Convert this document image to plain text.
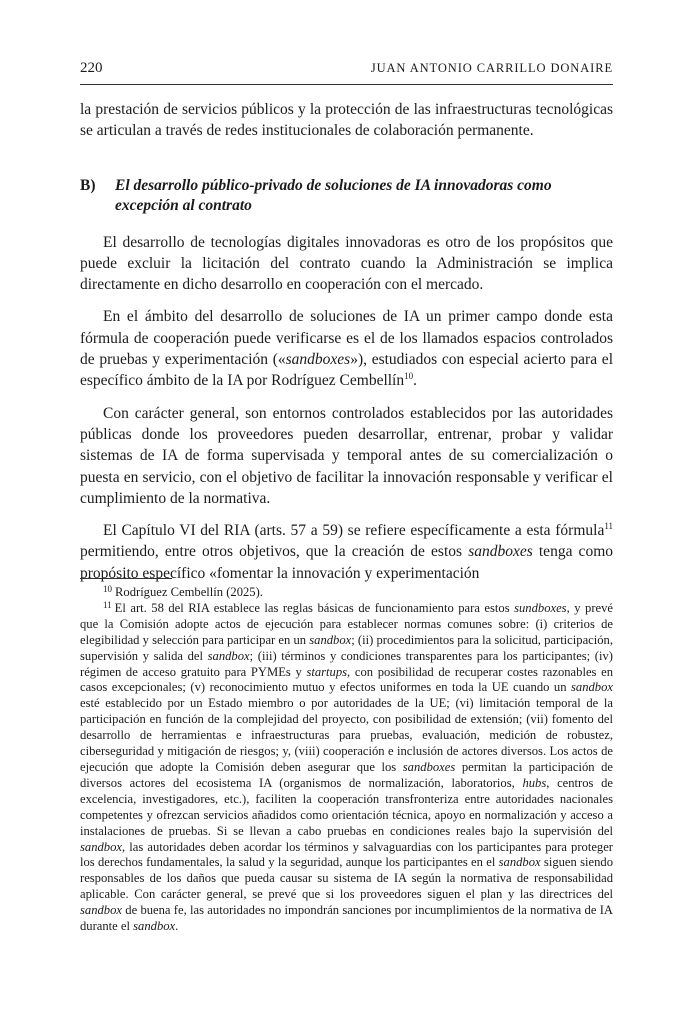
220	JUAN ANTONIO CARRILLO DONAIRE

la prestación de servicios públicos y la protección de las infraestructuras tecnológicas se articulan a través de redes institucionales de colaboración permanente.

B)	El desarrollo público-privado de soluciones de IA innovadoras como excepción al contrato

El desarrollo de tecnologías digitales innovadoras es otro de los propósitos que puede excluir la licitación del contrato cuando la Administración se implica directamente en dicho desarrollo en cooperación con el mercado.

En el ámbito del desarrollo de soluciones de IA un primer campo donde esta fórmula de cooperación puede verificarse es el de los llamados espacios controlados de pruebas y experimentación («sandboxes»), estudiados con especial acierto para el específico ámbito de la IA por Rodríguez Cembellín$^{10}$.

Con carácter general, son entornos controlados establecidos por las autoridades públicas donde los proveedores pueden desarrollar, entrenar, probar y validar sistemas de IA de forma supervisada y temporal antes de su comercialización o puesta en servicio, con el objetivo de facilitar la innovación responsable y verificar el cumplimiento de la normativa.

El Capítulo VI del RIA (arts. 57 a 59) se refiere específicamente a esta fórmula$^{11}$ permitiendo, entre otros objetivos, que la creación de estos sandboxes tenga como propósito específico «fomentar la innovación y experimentación

$^{10}$ Rodríguez Cembellín (2025).

$^{11}$ El art. 58 del RIA establece las reglas básicas de funcionamiento para estos sundboxes, y prevé que la Comisión adopte actos de ejecución para establecer normas comunes sobre: (i) criterios de elegibilidad y selección para participar en un sandbox; (ii) procedimientos para la solicitud, participación, supervisión y salida del sandbox; (iii) términos y condiciones transparentes para los participantes; (iv) régimen de acceso gratuito para PYMEs y startups, con posibilidad de recuperar costes razonables en casos excepcionales; (v) reconocimiento mutuo y efectos uniformes en toda la UE cuando un sandbox esté establecido por un Estado miembro o por autoridades de la UE; (vi) limitación temporal de la participación en función de la complejidad del proyecto, con posibilidad de extensión; (vii) fomento del desarrollo de herramientas e infraestructuras para pruebas, evaluación, medición de robustez, ciberseguridad y mitigación de riesgos; y, (viii) cooperación e inclusión de actores diversos. Los actos de ejecución que adopte la Comisión deben asegurar que los sandboxes permitan la participación de diversos actores del ecosistema IA (organismos de normalización, laboratorios, hubs, centros de excelencia, investigadores, etc.), faciliten la cooperación transfronteriza entre autoridades nacionales competentes y ofrezcan servicios añadidos como orientación técnica, apoyo en normalización y acceso a instalaciones de pruebas. Si se llevan a cabo pruebas en condiciones reales bajo la supervisión del sandbox, las autoridades deben acordar los términos y salvaguardias con los participantes para proteger los derechos fundamentales, la salud y la seguridad, aunque los participantes en el sandbox siguen siendo responsables de los daños que pueda causar su sistema de IA según la normativa de responsabilidad aplicable. Con carácter general, se prevé que si los proveedores siguen el plan y las directrices del sandbox de buena fe, las autoridades no impondrán sanciones por incumplimientos de la normativa de IA durante el sandbox.
